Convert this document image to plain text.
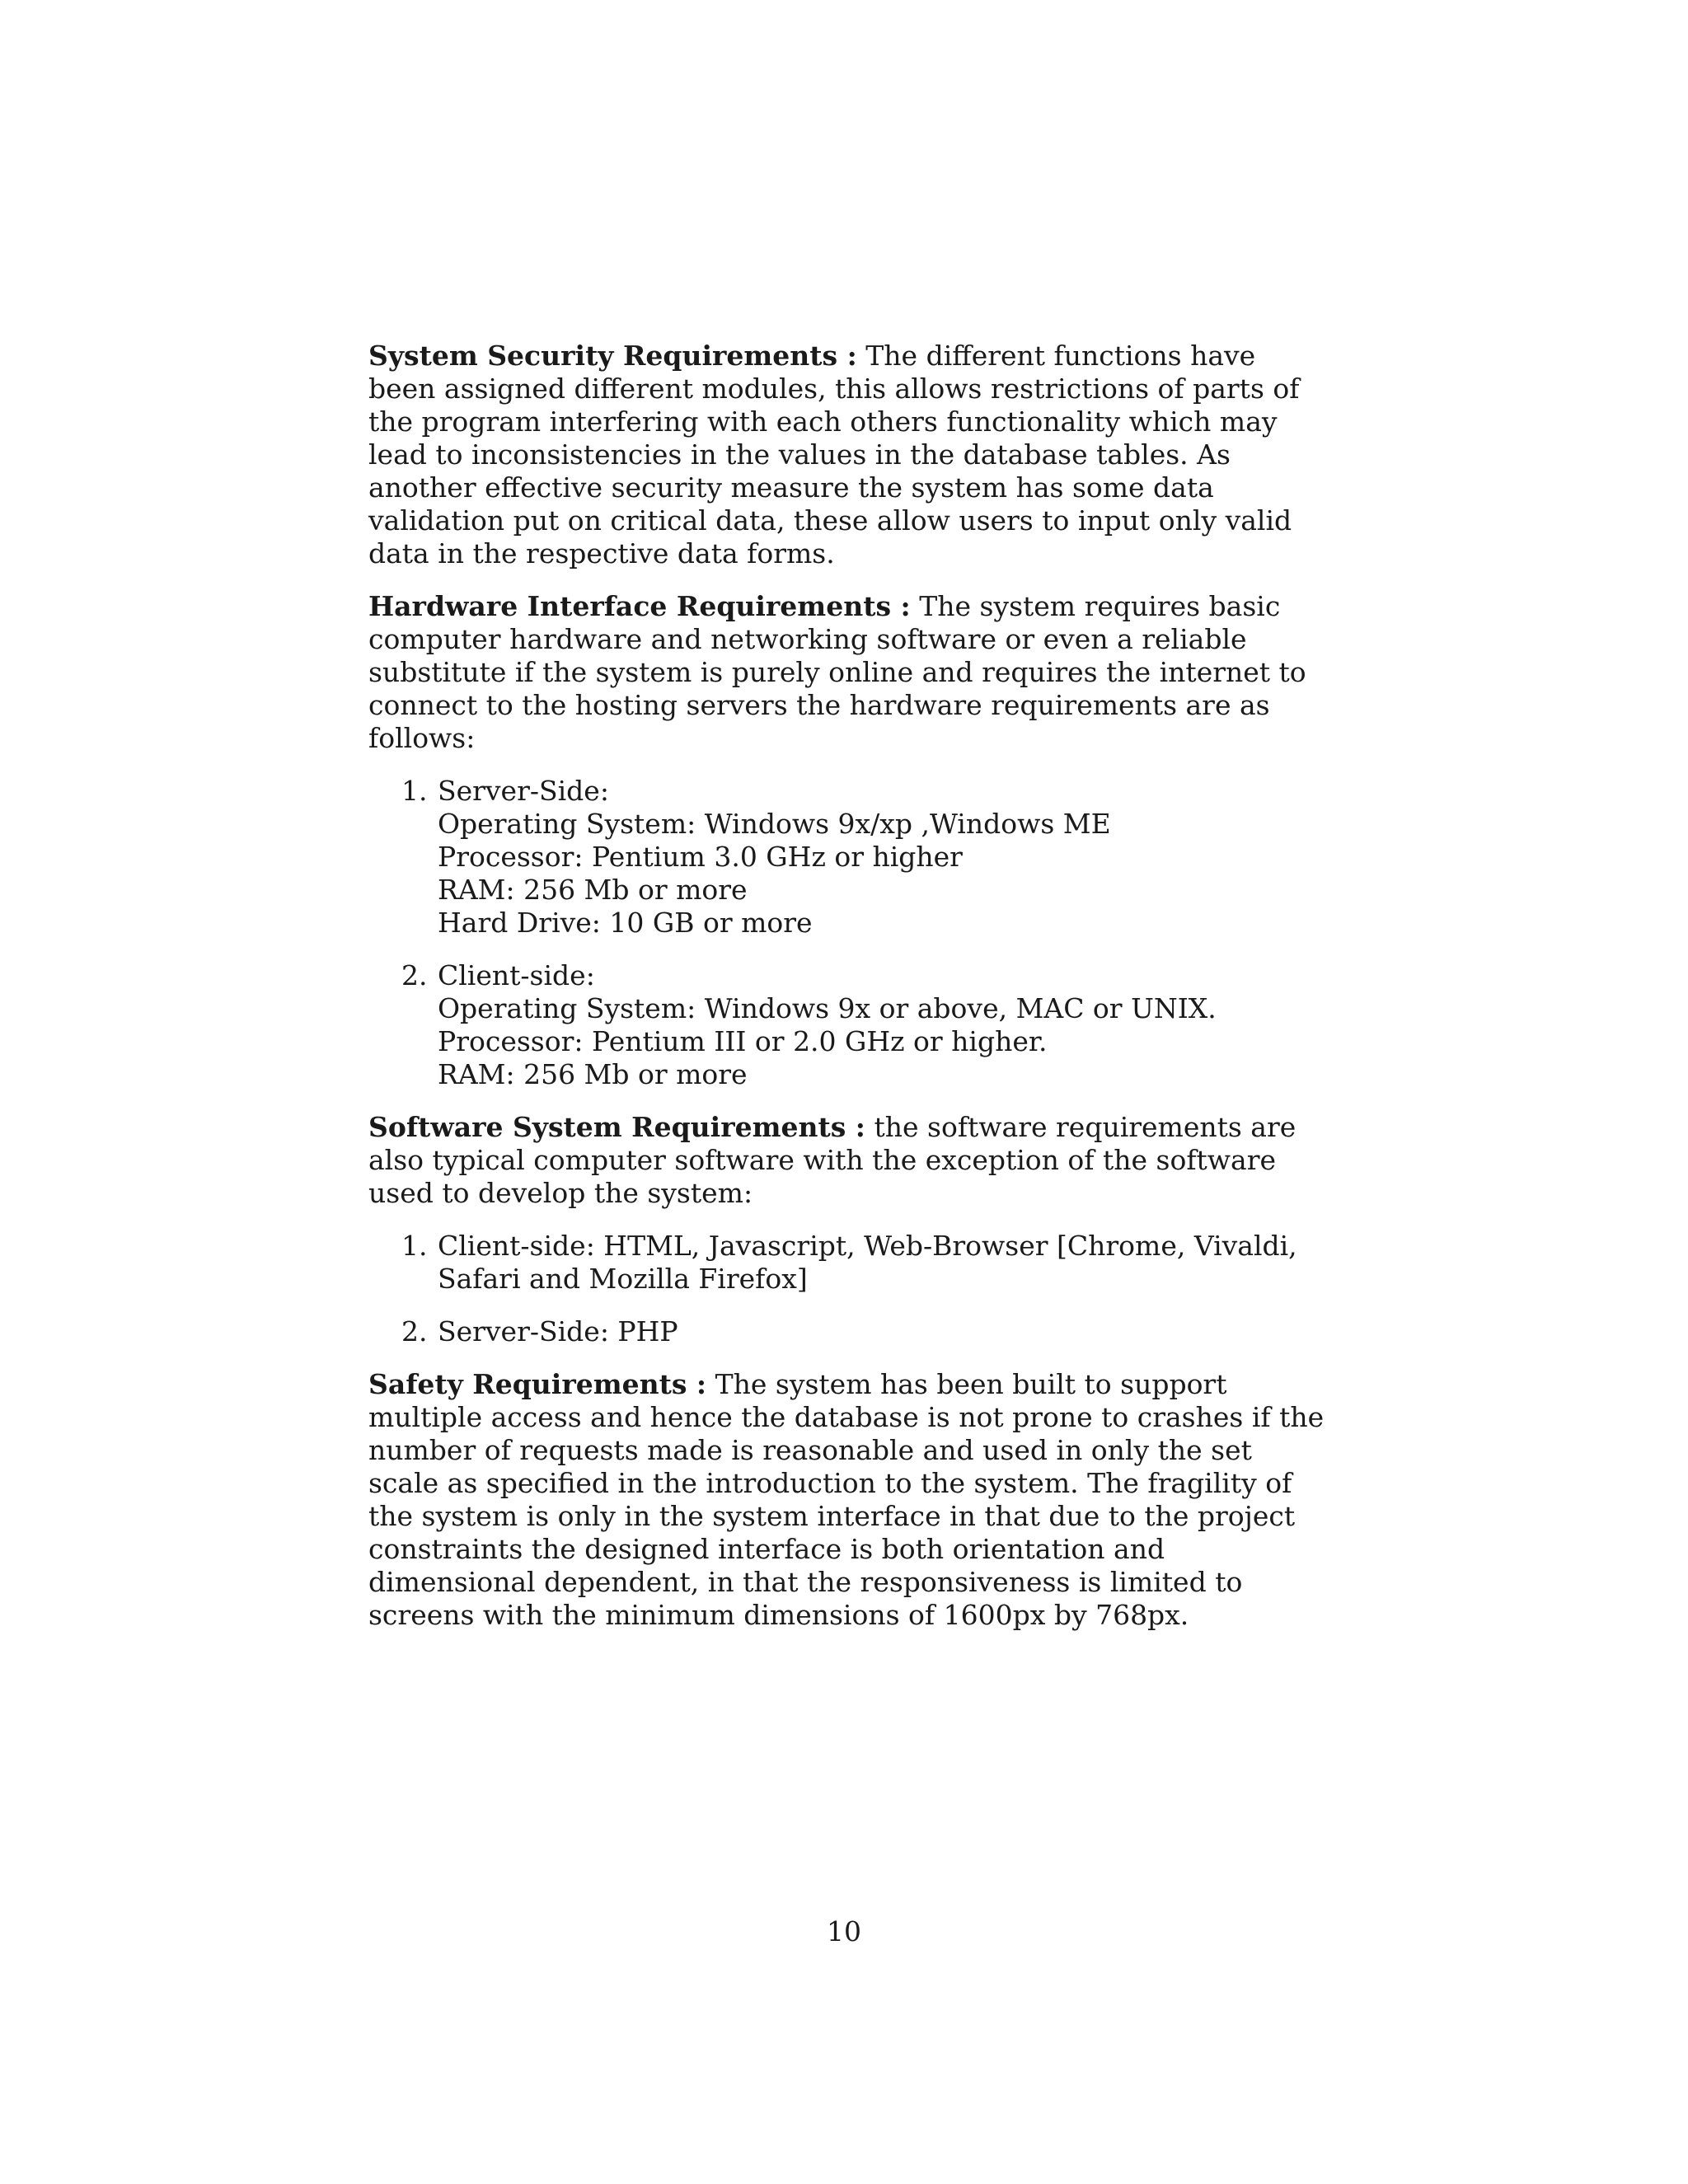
System Security Requirements : The different functions have been assigned different modules, this allows restrictions of parts of the program interfering with each others functionality which may lead to inconsistencies in the values in the database tables. As another effective security measure the system has some data validation put on critical data, these allow users to input only valid data in the respective data forms.

Hardware Interface Requirements : The system requires basic computer hardware and networking software or even a reliable substitute if the system is purely online and requires the internet to connect to the hosting servers the hardware requirements are as follows:

1. Server-Side:
Operating System: Windows 9x/xp ,Windows ME
Processor: Pentium 3.0 GHz or higher
RAM: 256 Mb or more
Hard Drive: 10 GB or more
2. Client-side:
Operating System: Windows 9x or above, MAC or UNIX.
Processor: Pentium III or 2.0 GHz or higher.
RAM: 256 Mb or more

Software System Requirements : the software requirements are also typical computer software with the exception of the software used to develop the system:

1. Client-side: HTML, Javascript, Web-Browser [Chrome, Vivaldi, Safari and Mozilla Firefox]
2. Server-Side: PHP

Safety Requirements : The system has been built to support multiple access and hence the database is not prone to crashes if the number of requests made is reasonable and used in only the set scale as specified in the introduction to the system. The fragility of the system is only in the system interface in that due to the project constraints the designed interface is both orientation and dimensional dependent, in that the responsiveness is limited to screens with the minimum dimensions of 1600px by 768px.

10
